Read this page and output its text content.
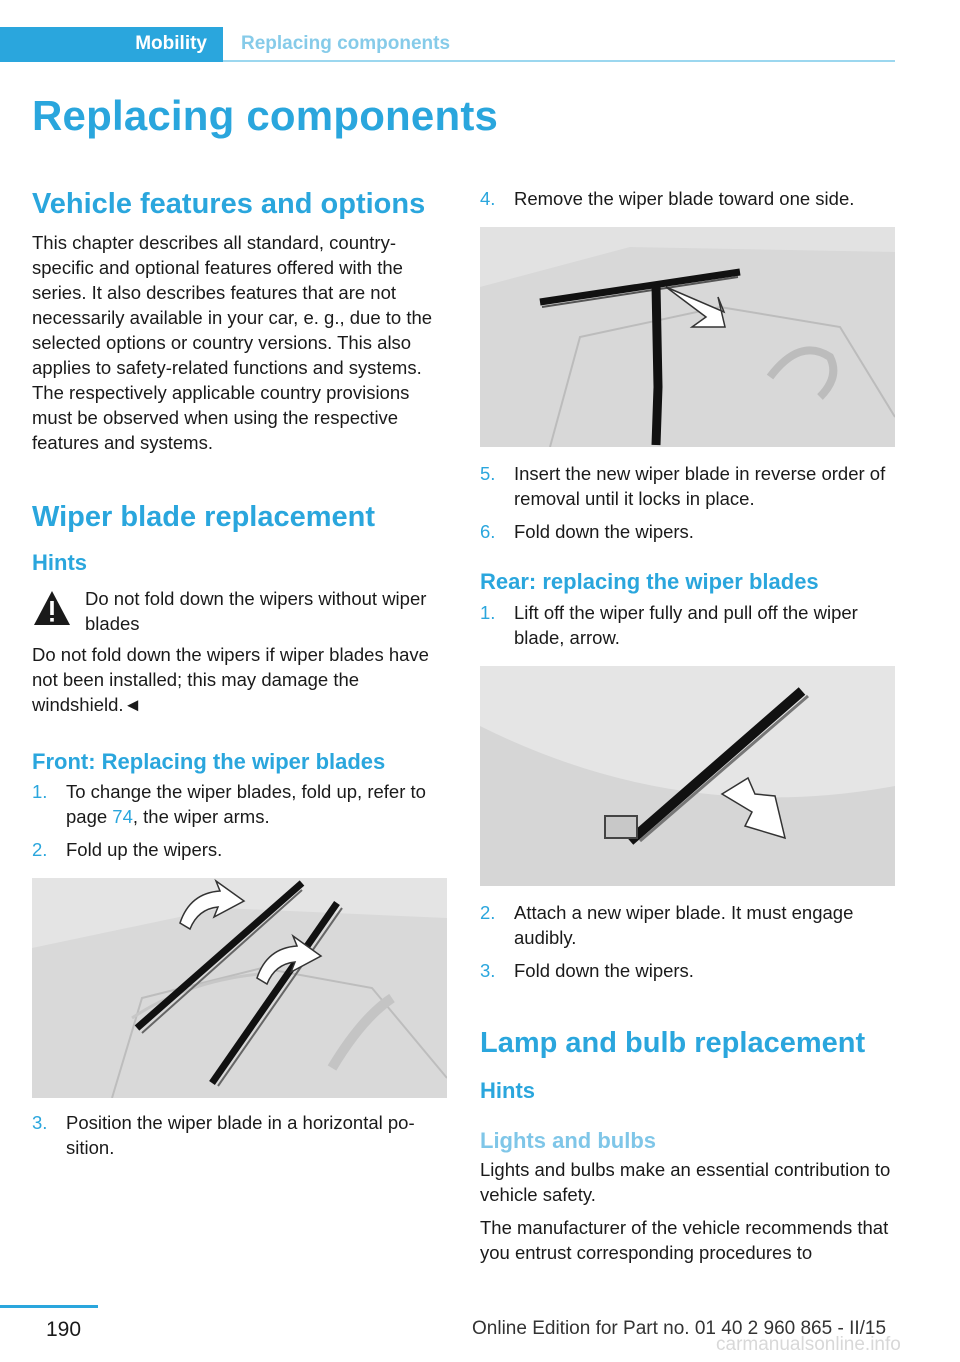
Mobility Replacing components
Replacing components
Vehicle features and options

This chapter describes all standard, country-specific and optional features offered with the series. It also describes features that are not necessarily available in your car, e. g., due to the selected options or country versions. This also applies to safety-related functions and systems. The respectively applicable country provisions must be observed when using the respective features and systems.

Wiper blade replacement
Hints

Do not fold down the wipers without wiper blades

Do not fold down the wipers if wiper blades have not been installed; this may damage the windshield.◄

Front: Replacing the wiper blades
1.	To change the wiper blades, fold up, refer to page 74, the wiper arms.
2.	Fold up the wipers.
3.	Position the wiper blade in a horizontal position.
4.	Remove the wiper blade toward one side.
5.	Insert the new wiper blade in reverse order of removal until it locks in place.
6.	Fold down the wipers.
Rear: replacing the wiper blades
1.	Lift off the wiper fully and pull off the wiper blade, arrow.
2.	Attach a new wiper blade. It must engage audibly.
3.	Fold down the wipers.
Lamp and bulb replacement
Hints
Lights and bulbs

Lights and bulbs make an essential contribution to vehicle safety.

The manufacturer of the vehicle recommends that you entrust corresponding procedures to

190	Online Edition for Part no. 01 40 2 960 865 - II/15
carmanualsonline.info
